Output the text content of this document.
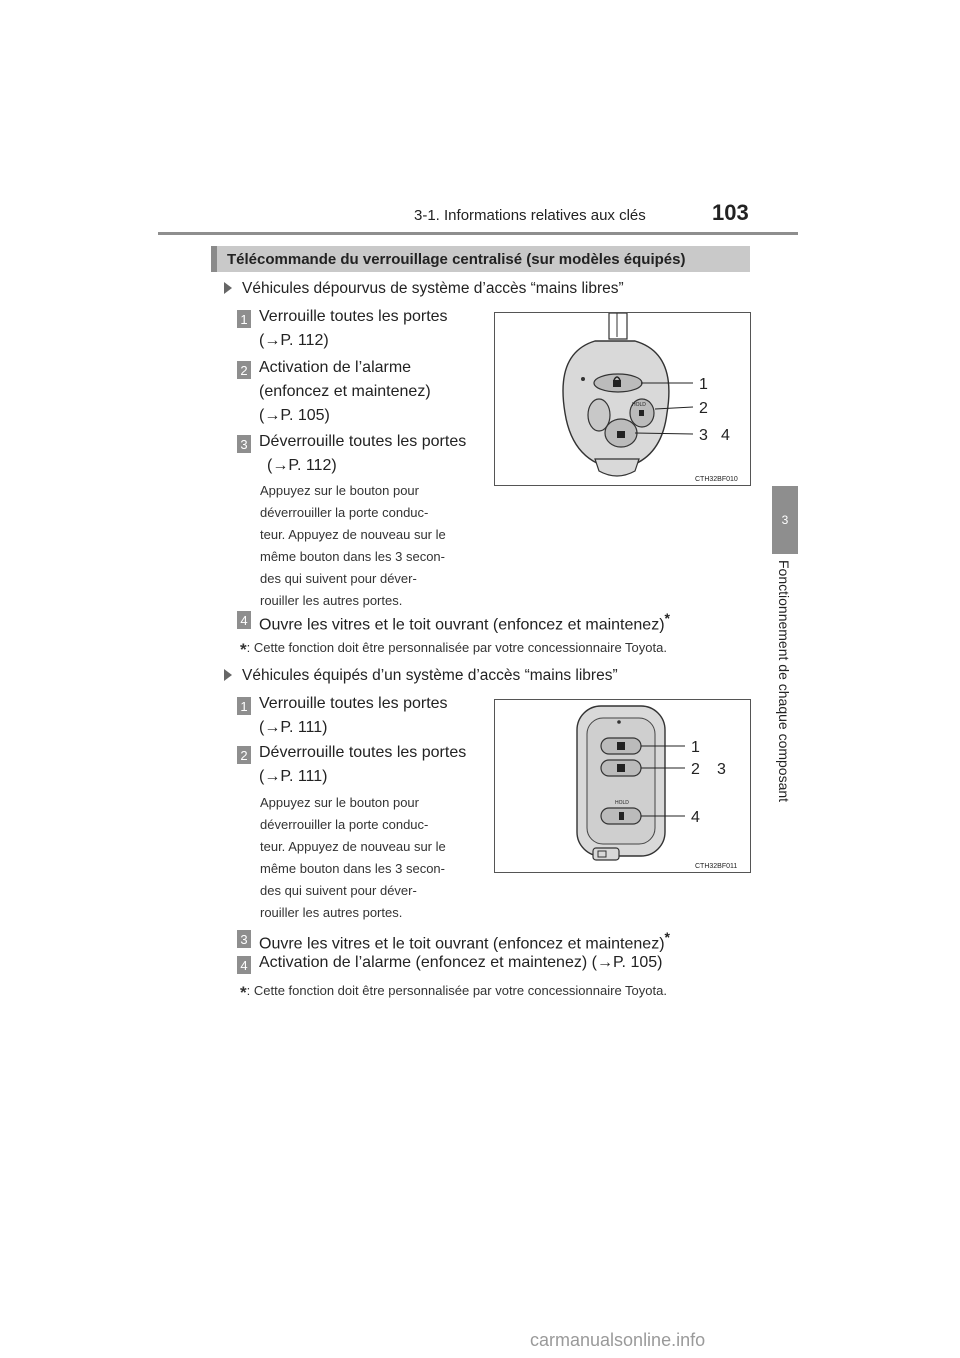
3-1. Informations relatives aux clés	103
3
Fonctionnement de chaque composant
Télécommande du verrouillage centralisé (sur modèles équipés)
Véhicules dépourvus de système d’accès “mains libres”
1 Verrouille toutes les portes
(→P. 112)
2 Activation de l’alarme
(enfoncez et maintenez)
(→P. 105)
3 Déverrouille toutes les portes
(→P. 112)
Appuyez sur le bouton pour
déverrouiller la porte conduc-
teur. Appuyez de nouveau sur le
même bouton dans les 3 secon-
des qui suivent pour déver-
rouiller les autres portes.
HOLD
1
2
3 4
CTH32BF010
4 Ouvre les vitres et le toit ouvrant (enfoncez et maintenez)*
*: Cette fonction doit être personnalisée par votre concessionnaire Toyota.
Véhicules équipés d’un système d’accès “mains libres”
1 Verrouille toutes les portes
(→P. 111)
2 Déverrouille toutes les portes
(→P. 111)
Appuyez sur le bouton pour
déverrouiller la porte conduc-
teur. Appuyez de nouveau sur le
même bouton dans les 3 secon-
des qui suivent pour déver-
rouiller les autres portes.
HOLD
1
2 3
4
CTH32BF011
3 Ouvre les vitres et le toit ouvrant (enfoncez et maintenez)*
4 Activation de l’alarme (enfoncez et maintenez) (→P. 105)
*: Cette fonction doit être personnalisée par votre concessionnaire Toyota.
carmanualsonline.info
